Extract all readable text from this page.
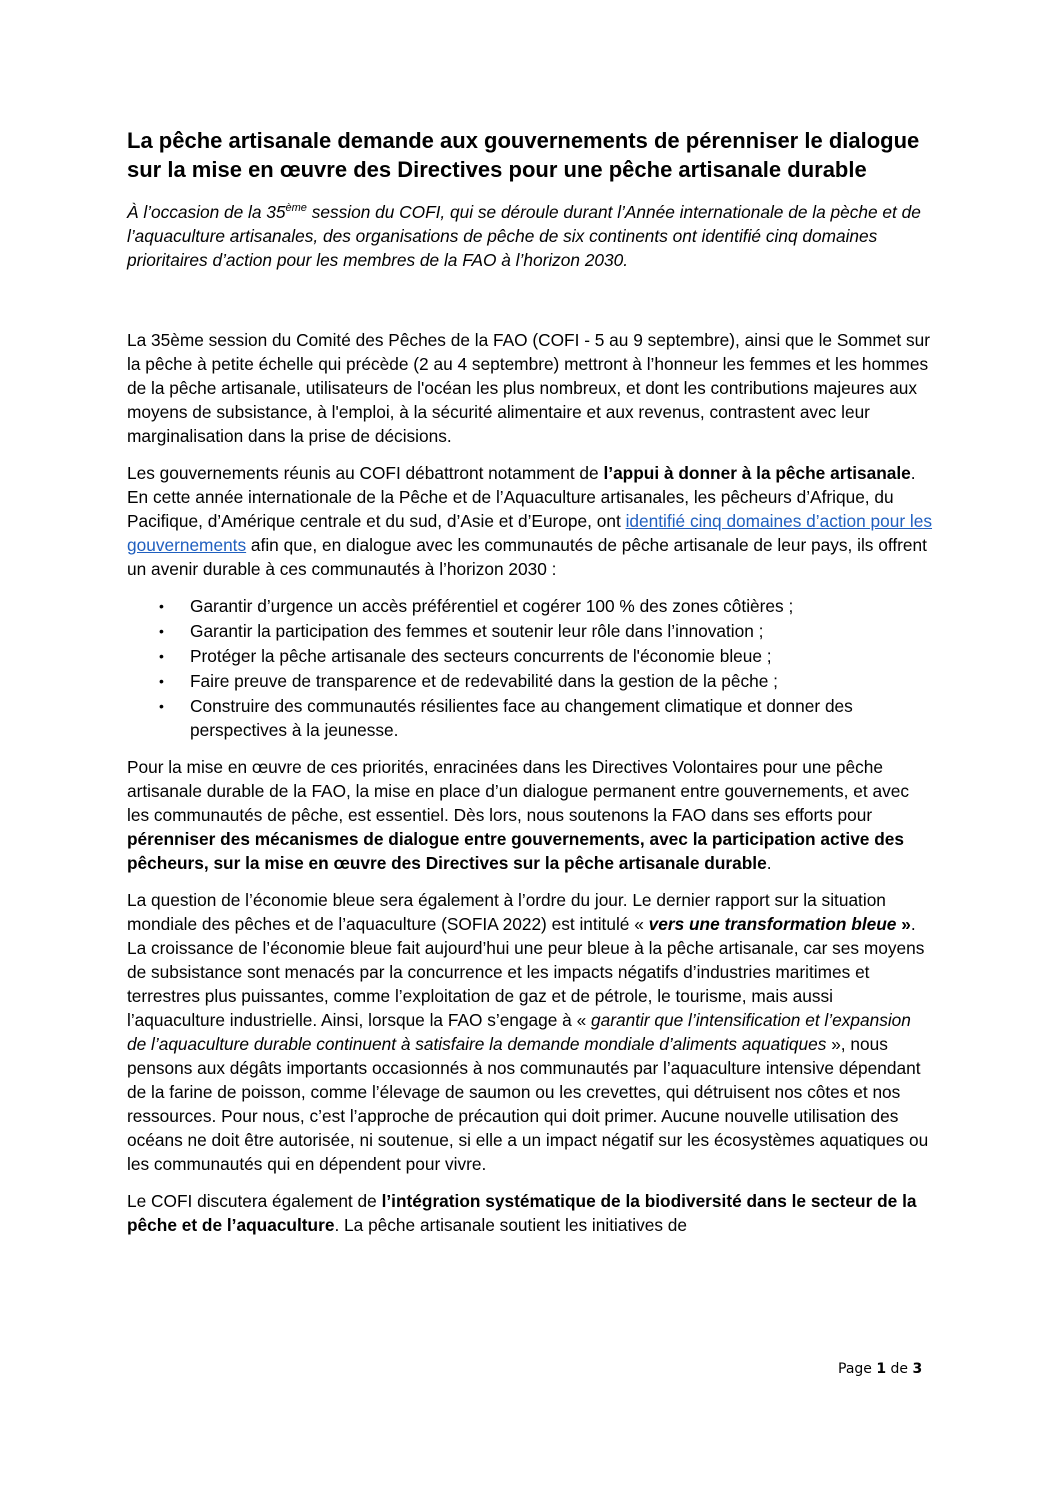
La pêche artisanale demande aux gouvernements de pérenniser le dialogue sur la mise en œuvre des Directives pour une pêche artisanale durable

À l’occasion de la 35ème session du COFI, qui se déroule durant l’Année internationale de la pèche et de l’aquaculture artisanales, des organisations de pêche de six continents ont identifié cinq domaines prioritaires d’action pour les membres de la FAO à l’horizon 2030.

La 35ème session du Comité des Pêches de la FAO (COFI - 5 au 9 septembre), ainsi que le Sommet sur la pêche à petite échelle qui précède (2 au 4 septembre) mettront à l’honneur les femmes et les hommes de la pêche artisanale, utilisateurs de l'océan les plus nombreux, et dont les contributions majeures aux moyens de subsistance, à l'emploi, à la sécurité alimentaire et aux revenus, contrastent avec leur marginalisation dans la prise de décisions.

Les gouvernements réunis au COFI débattront notamment de l’appui à donner à la pêche artisanale. En cette année internationale de la Pêche et de l’Aquaculture artisanales, les pêcheurs d’Afrique, du Pacifique, d’Amérique centrale et du sud, d’Asie et d’Europe, ont identifié cinq domaines d’action pour les gouvernements afin que, en dialogue avec les communautés de pêche artisanale de leur pays, ils offrent un avenir durable à ces communautés à l’horizon 2030 :

• Garantir d’urgence un accès préférentiel et cogérer 100 % des zones côtières ;
• Garantir la participation des femmes et soutenir leur rôle dans l’innovation ;
• Protéger la pêche artisanale des secteurs concurrents de l'économie bleue ;
• Faire preuve de transparence et de redevabilité dans la gestion de la pêche ;
• Construire des communautés résilientes face au changement climatique et donner des perspectives à la jeunesse.

Pour la mise en œuvre de ces priorités, enracinées dans les Directives Volontaires pour une pêche artisanale durable de la FAO, la mise en place d’un dialogue permanent entre gouvernements, et avec les communautés de pêche, est essentiel. Dès lors, nous soutenons la FAO dans ses efforts pour pérenniser des mécanismes de dialogue entre gouvernements, avec la participation active des pêcheurs, sur la mise en œuvre des Directives sur la pêche artisanale durable.

La question de l’économie bleue sera également à l’ordre du jour. Le dernier rapport sur la situation mondiale des pêches et de l’aquaculture (SOFIA 2022) est intitulé « vers une transformation bleue ». La croissance de l’économie bleue fait aujourd’hui une peur bleue à la pêche artisanale, car ses moyens de subsistance sont menacés par la concurrence et les impacts négatifs d’industries maritimes et terrestres plus puissantes, comme l’exploitation de gaz et de pétrole, le tourisme, mais aussi l’aquaculture industrielle. Ainsi, lorsque la FAO s’engage à « garantir que l’intensification et l’expansion de l’aquaculture durable continuent à satisfaire la demande mondiale d’aliments aquatiques », nous pensons aux dégâts importants occasionnés à nos communautés par l’aquaculture intensive dépendant de la farine de poisson, comme l’élevage de saumon ou les crevettes, qui détruisent nos côtes et nos ressources. Pour nous, c’est l’approche de précaution qui doit primer. Aucune nouvelle utilisation des océans ne doit être autorisée, ni soutenue, si elle a un impact négatif sur les écosystèmes aquatiques ou les communautés qui en dépendent pour vivre.

Le COFI discutera également de l’intégration systématique de la biodiversité dans le secteur de la pêche et de l’aquaculture. La pêche artisanale soutient les initiatives de

Page 1 de 3
